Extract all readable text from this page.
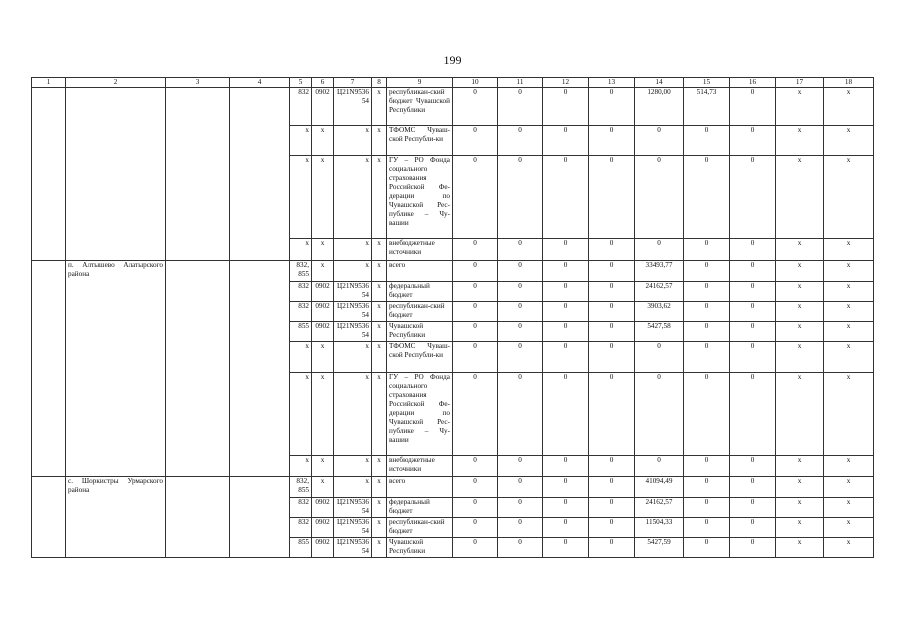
199
1	2	3	4	5	6	7	8	9	10	11	12	13	14	15	16	17	18
				832	0902	Ц21N9536 54	x	республикан-ский бюджет Чувашской Республики	0	0	0	0	1280,00	514,73	0	x	x
				x	x	x	x	ТФОМС Чуваш-ской Республи-ки	0	0	0	0	0	0	0	x	x
				x	x	x	x	ГУ – РО Фонда социального страхования Российской Фе-дерации по Чувашской Рес-публике – Чу-вашии	0	0	0	0	0	0	0	x	x
				x	x	x	x	внебюджетные источники	0	0	0	0	0	0	0	x	x
	п. Алтышево Алатырского района			832, 855	x	x	x	всего	0	0	0	0	33493,77	0	0	x	x
				832	0902	Ц21N9536 54	x	федеральный бюджет	0	0	0	0	24162,57	0	0	x	x
				832	0902	Ц21N9536 54	x	республикан-ский бюджет	0	0	0	0	3903,62	0	0	x	x
				855	0902	Ц21N9536 54	x	Чувашской Республики	0	0	0	0	5427,58	0	0	x	x
				x	x	x	x	ТФОМС Чуваш-ской Республи-ки	0	0	0	0	0	0	0	x	x
				x	x	x	x	ГУ – РО Фонда социального страхования Российской Фе-дерации по Чувашской Рес-публике – Чу-вашии	0	0	0	0	0	0	0	x	x
				x	x	x	x	внебюджетные источники	0	0	0	0	0	0	0	x	x
	с. Шоркистры Урмарского района			832, 855	x	x	x	всего	0	0	0	0	41094,49	0	0	x	x
				832	0902	Ц21N9536 54	x	федеральный бюджет	0	0	0	0	24162,57	0	0	x	x
				832	0902	Ц21N9536 54	x	республикан-ский бюджет	0	0	0	0	11504,33	0	0	x	x
				855	0902	Ц21N9536 54	x	Чувашской Республики	0	0	0	0	5427,59	0	0	x	x
